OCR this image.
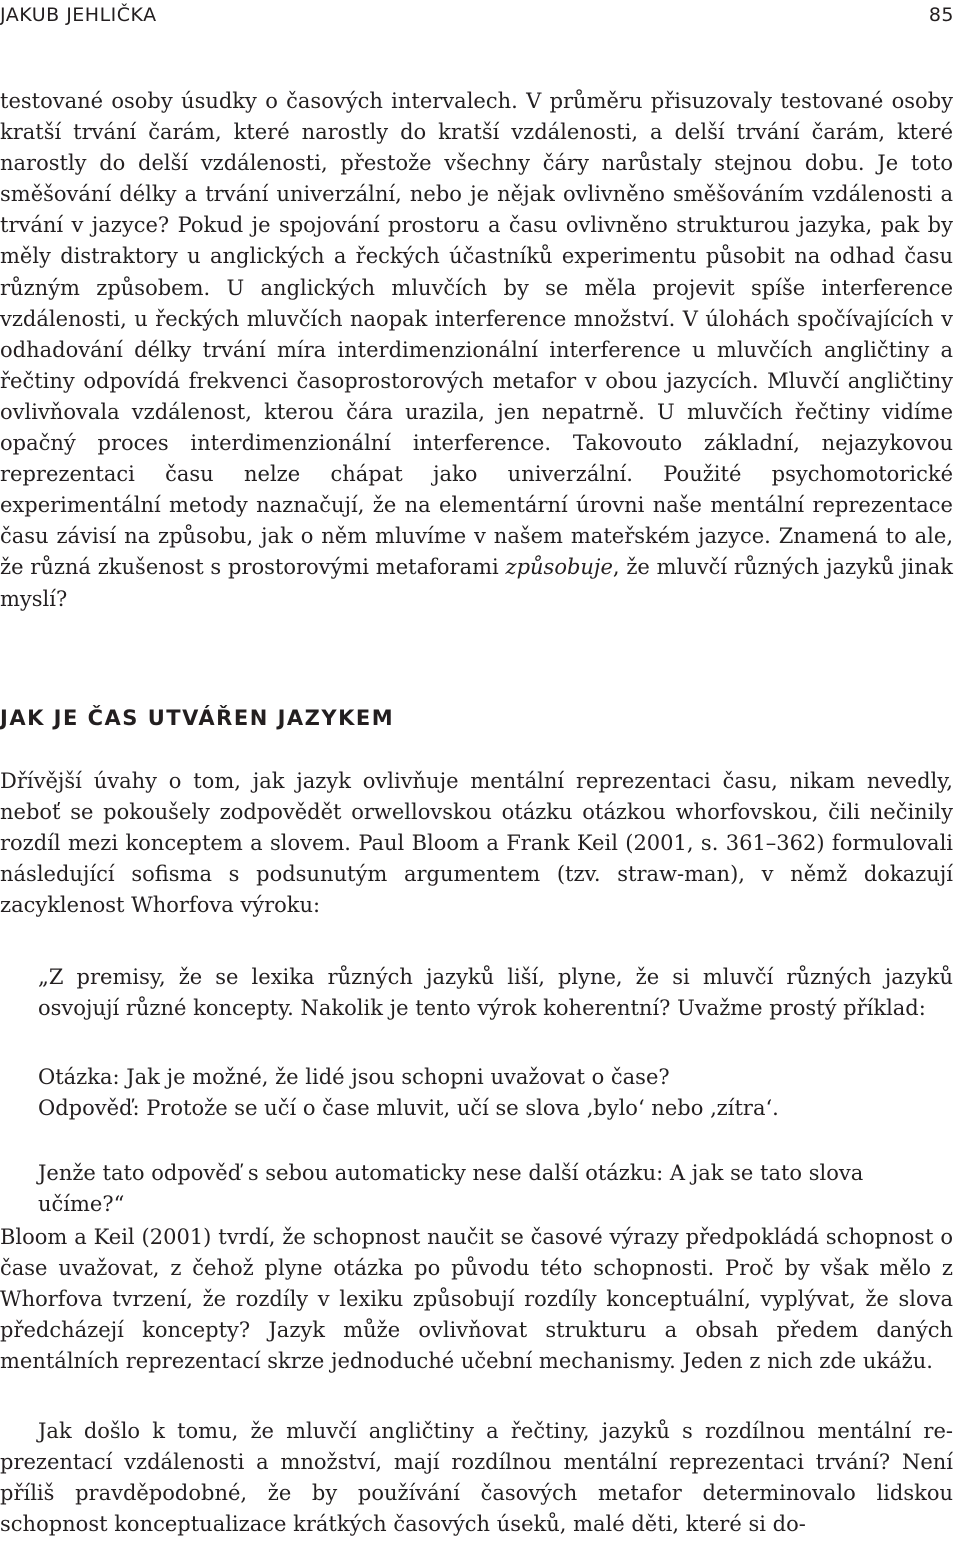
JAKUB JEHLIČKA	85

testované osoby úsudky o časových intervalech. V průměru přisuzovaly testované osoby kratší trvání čarám, které narostly do kratší vzdálenosti, a delší trvání čarám, které narostly do delší vzdálenosti, přestože všechny čáry narůstaly stejnou dobu. Je toto směšování délky a trvání univerzální, nebo je nějak ovlivněno směšováním vzdálenosti a trvání v jazyce? Pokud je spojování prostoru a času ovlivněno strukturou jazyka, pak by měly distraktory u anglických a řeckých účastníků experimentu působit na odhad času různým způsobem. U anglických mluvčích by se měla projevit spíše interference vzdálenosti, u řeckých mluvčích naopak interference množství. V úlohách spočívajících v odhadování délky trvání míra interdimenzionální interference u mluvčích angličtiny a řečtiny odpovídá frekvenci časoprostorových metafor v obou jazycích. Mluvčí angličtiny ovlivňovala vzdálenost, kterou čára urazila, jen nepatrně. U mluvčích řečtiny vidíme opačný proces interdimenzionální interference. Takovouto základní, nejazykovou reprezentaci času nelze chápat jako univerzální. Použité psychomotorické experimentální metody naznačují, že na elementární úrovni naše mentální reprezentace času závisí na způsobu, jak o něm mluvíme v našem mateřském jazyce. Znamená to ale, že různá zkušenost s prostorovými metaforami způsobuje, že mluvčí různých jazyků jinak myslí?

JAK JE ČAS UTVÁŘEN JAZYKEM

Dřívější úvahy o tom, jak jazyk ovlivňuje mentální reprezentaci času, nikam nevedly, neboť se pokoušely zodpovědět orwellovskou otázku otázkou whorfovskou, čili nečinily rozdíl mezi konceptem a slovem. Paul Bloom a Frank Keil (2001, s. 361–362) formulovali následující sofisma s podsunutým argumentem (tzv. straw-man), v němž dokazují zacyklenost Whorfova výroku:

„Z premisy, že se lexika různých jazyků liší, plyne, že si mluvčí různých jazyků osvojují různé koncepty. Nakolik je tento výrok koherentní? Uvažme prostý příklad:

Otázka: Jak je možné, že lidé jsou schopni uvažovat o čase?

Odpověď: Protože se učí o čase mluvit, učí se slova ‚bylo‘ nebo ‚zítra‘.

Jenže tato odpověď s sebou automaticky nese další otázku: A jak se tato slova učíme?“

Bloom a Keil (2001) tvrdí, že schopnost naučit se časové výrazy předpokládá schopnost o čase uvažovat, z čehož plyne otázka po původu této schopnosti. Proč by však mělo z Whorfova tvrzení, že rozdíly v lexiku způsobují rozdíly konceptuální, vyplývat, že slova předcházejí koncepty? Jazyk může ovlivňovat strukturu a obsah předem daných mentálních reprezentací skrze jednoduché učební mechanismy. Jeden z nich zde ukážu.

Jak došlo k tomu, že mluvčí angličtiny a řečtiny, jazyků s rozdílnou mentální reprezentací vzdálenosti a množství, mají rozdílnou mentální reprezentaci trvání? Není příliš pravděpodobné, že by používání časových metafor determinovalo lidskou schopnost konceptualizace krátkých časových úseků, malé děti, které si do-
